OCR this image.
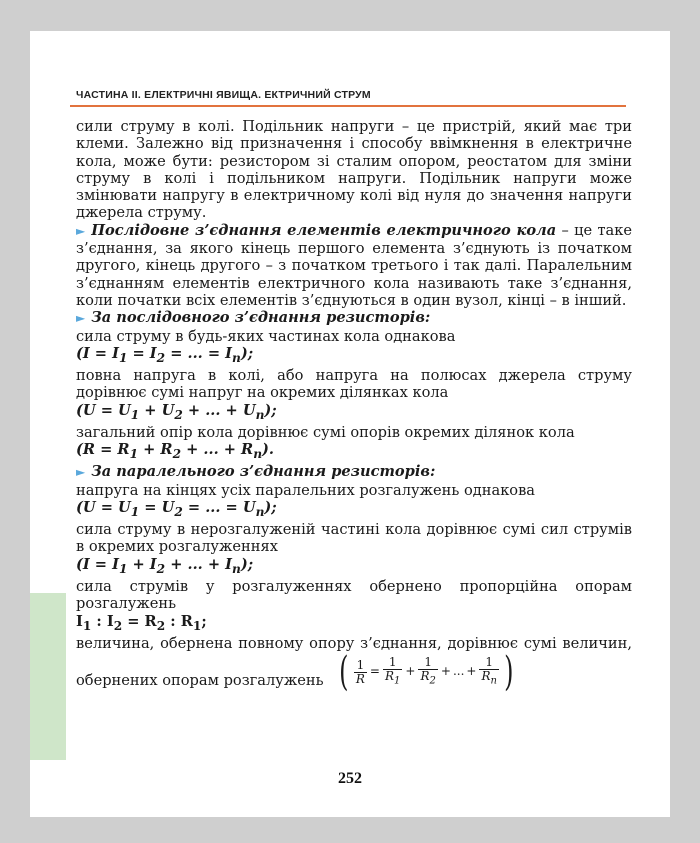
ЧАСТИНА ІІ. ЕЛЕКТРИЧНІ ЯВИЩА. ЕКТРИЧНИЙ СТРУМ

сили струму в колі. Подільник напруги – це пристрій, який має три клеми. Залежно від призначення і способу ввімкнення в електричне кола, може бути: резистором зі сталим опором, реостатом для зміни струму в колі і подільником напруги. Подільник напруги може змінювати напругу в електричному колі від нуля до значення напруги джерела струму.

► Послідовне з’єднання елементів електричного кола – це таке з’єднання, за якого кінець першого елемента з’єднують із початком другого, кінець другого – з початком третього і так далі. Паралельним з’єднанням елементів електричного кола називають таке з’єднання, коли початки всіх елементів з’єднуються в один вузол, кінці – в інший.

► За послідовного з’єднання резисторів:

сила струму в будь-яких частинах кола однакова

($I = I_1 = I_2$ = ... = $I_n$);

повна напруга в колі, або напруга на полюсах джерела струму дорівнює сумі напруг на окремих ділянках кола

($U = U_1 + U_2$ + ... + $U_n$);

загальний опір кола дорівнює сумі опорів окремих ділянок кола

($R = R_1 + R_2$ + ... + $R_n$).

► За паралельного з’єднання резисторів:

напруга на кінцях усіх паралельних розгалужень однакова

($U = U_1 = U_2$ = ... = $U_n$);

сила струму в нерозгалуженій частині кола дорівнює сумі сил струмів в окремих розгалуженнях

($I = I_1 + I_2$ + ... + $I_n$);

сила струмів у розгалуженнях обернено пропорційна опорам розгалужень

$I_1$ : $I_2 = R_2$ : $R_1$;

величина, обернена повному опору з’єднання, дорівнює сумі величин, обернених опорам розгалужень ( $\frac{1}{R} = \frac{1}{R_1} + \frac{1}{R_2}$ + ... + $\frac{1}{R_n}$ )

252
